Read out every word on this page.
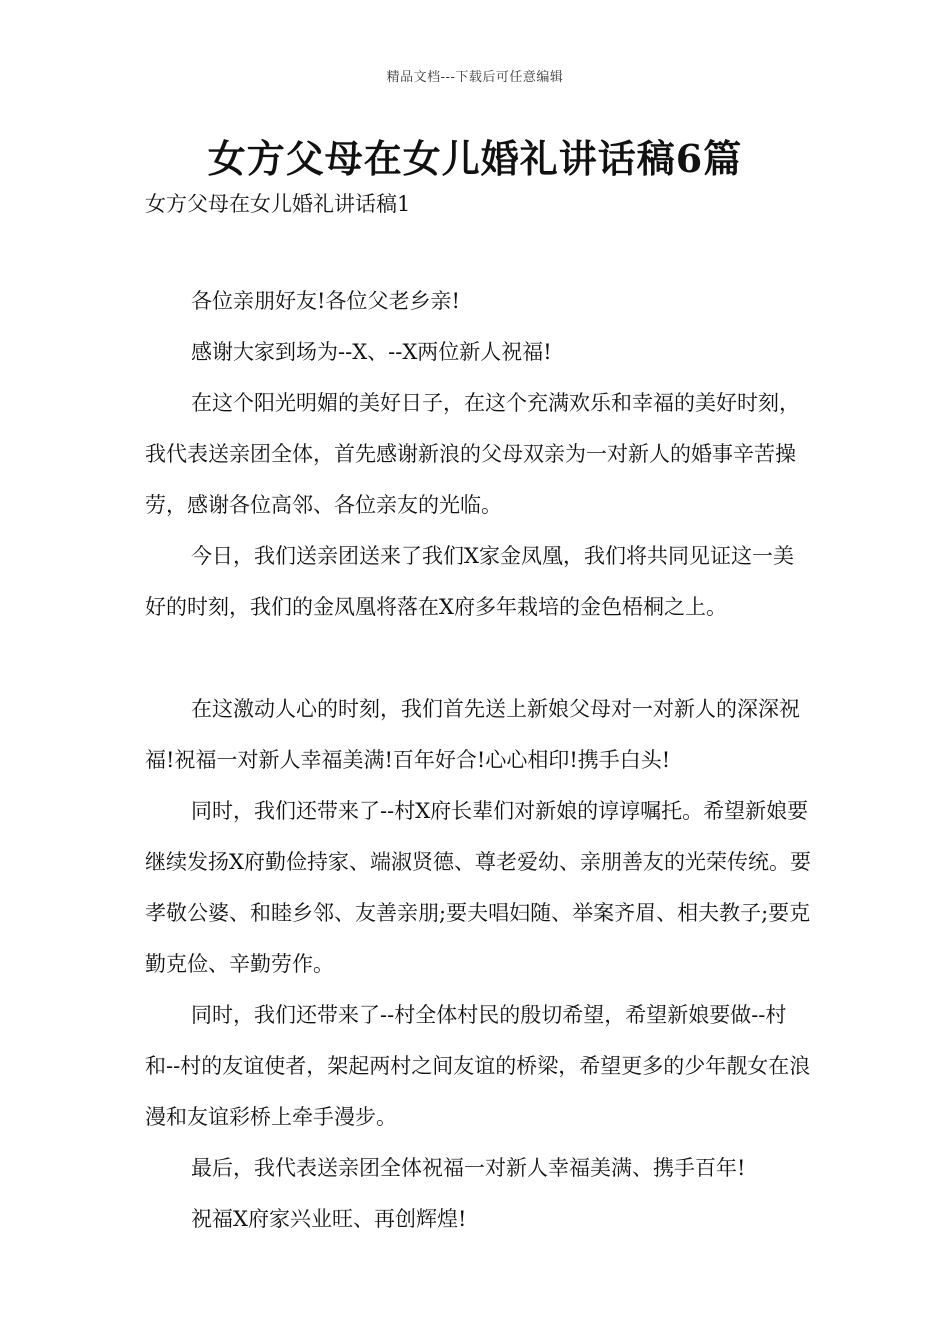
精品文档---下载后可任意编辑
女方父母在女儿婚礼讲话稿6篇
女方父母在女儿婚礼讲话稿1

各位亲朋好友!各位父老乡亲!

感谢大家到场为--X、--X两位新人祝福!

在这个阳光明媚的美好日子，在这个充满欢乐和幸福的美好时刻，我代表送亲团全体，首先感谢新浪的父母双亲为一对新人的婚事辛苦操劳，感谢各位高邻、各位亲友的光临。

今日，我们送亲团送来了我们X家金凤凰，我们将共同见证这一美好的时刻，我们的金凤凰将落在X府多年栽培的金色梧桐之上。

在这激动人心的时刻，我们首先送上新娘父母对一对新人的深深祝福!祝福一对新人幸福美满!百年好合!心心相印!携手白头!

同时，我们还带来了--村X府长辈们对新娘的谆谆嘱托。希望新娘要继续发扬X府勤俭持家、端淑贤德、尊老爱幼、亲朋善友的光荣传统。要孝敬公婆、和睦乡邻、友善亲朋;要夫唱妇随、举案齐眉、相夫教子;要克勤克俭、辛勤劳作。

同时，我们还带来了--村全体村民的殷切希望，希望新娘要做--村和--村的友谊使者，架起两村之间友谊的桥梁，希望更多的少年靓女在浪漫和友谊彩桥上牵手漫步。

最后，我代表送亲团全体祝福一对新人幸福美满、携手百年!

祝福X府家兴业旺、再创辉煌!
